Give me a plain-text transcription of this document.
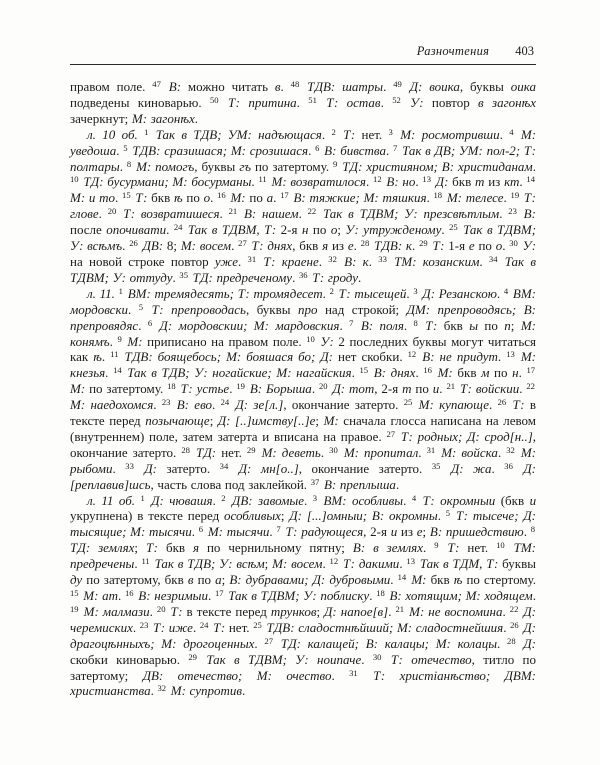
Разночтения 403

правом поле. $^{47}$ В: можно читать в. $^{48}$ ТДВ: шатры. $^{49}$ Д: воика, буквы оика подведены киноварью. $^{50}$ Т: притина. $^{51}$ Т: остав. $^{52}$ У: повтор в загонѣх зачеркнут; М: загонѣх.

л. 10 об. $^1$ Так в ТДВ; УМ: надъющася. $^2$ Т: нет. $^3$ М: росмотривши. $^4$ М: уведоша. $^5$ ТДВ: сразишася; М: срозишася. $^6$ В: бивства. $^7$ Так в ДВ; УМ: пол-2; Т: полтары. $^8$ М: помогъ, буквы гъ по затертому. $^9$ ТД: християном; В: христиданам. $^{10}$ ТД: бусурмани; М: босурманы. $^{11}$ М: возвратилося. $^{12}$ В: но. $^{13}$ Д: бкв т из кт. $^{14}$ М: и то. $^{15}$ Т: бкв ѣ по о. $^{16}$ М: по а. $^{17}$ В: тяжкие; М: тяшкия. $^{18}$ М: телесе. $^{19}$ Т: глове. $^{20}$ Т: возвратишеся. $^{21}$ В: нашем. $^{22}$ Так в ТДВМ; У: презсвѣтлым. $^{23}$ В: после опочивати. $^{24}$ Так в ТДВМ, Т: 2-я н по о; У: утружденому. $^{25}$ Так в ТДВМ; У: всѣмъ. $^{26}$ ДВ: 8; М: восем. $^{27}$ Т: днях, бкв я из е. $^{28}$ ТДВ: к. $^{29}$ Т: 1-я е по о. $^{30}$ У: на новой строке повтор уже. $^{31}$ Т: краене. $^{32}$ В: к. $^{33}$ ТМ: козанским. $^{34}$ Так в ТДВМ; У: оттуду. $^{35}$ ТД: предреченому. $^{36}$ Т: гроду.

л. 11. $^1$ ВМ: тремядесять; Т: тромядесет. $^2$ Т: тысещей. $^3$ Д: Резанскою. $^4$ ВМ: мордовски. $^5$ Т: препроводась, буквы про над строкой; ДМ: препроводясь; В: препровядяс. $^6$ Д: мордовскии; М: мардовския. $^7$ В: поля. $^8$ Т: бкв ы по п; М: конямъ. $^9$ М: приписано на правом поле. $^{10}$ У: 2 последних буквы могут читаться как ѣ. $^{11}$ ТДВ: боящебось; М: бояшася бо; Д: нет скобки. $^{12}$ В: не придут. $^{13}$ М: кнезья. $^{14}$ Так в ТДВ; У: ногайские; М: нагайския. $^{15}$ В: днях. $^{16}$ М: бкв м по н. $^{17}$ М: по затертому. $^{18}$ Т: устье. $^{19}$ В: Борыша. $^{20}$ Д: тот, 2-я т по и. $^{21}$ Т: войскии. $^{22}$ М: наедохомся. $^{23}$ В: ево. $^{24}$ Д: зе[л.], окончание затерто. $^{25}$ М: купающе. $^{26}$ Т: в тексте перед позычающе; Д: [..]имству[..]е; М: сначала глосса написана на левом (внутреннем) поле, затем затерта и вписана на правое. $^{27}$ Т: родных; Д: срод[н..], окончание затерто. $^{28}$ ТД: нет. $^{29}$ М: деветь. $^{30}$ М: пропитал. $^{31}$ М: войска. $^{32}$ М: рыбоми. $^{33}$ Д: затерто. $^{34}$ Д: мн[о..], окончание затерто. $^{35}$ Д: жа. $^{36}$ Д: [реплавив]шсь, часть слова под заклейкой. $^{37}$ В: преплыша.

л. 11 об. $^1$ Д: чювашя. $^2$ ДВ: завомые. $^3$ ВМ: особливы. $^4$ Т: окромныи (бкв и укрупнена) в тексте перед особливых; Д: [...]омныи; В: окромны. $^5$ Т: тысече; Д: тысящие; М: тысячи. $^6$ М: тысячи. $^7$ Т: радующеся, 2-я и из е; В: пришедствию. $^8$ ТД: землях; Т: бкв я по чернильному пятну; В: в землях. $^9$ Т: нет. $^{10}$ ТМ: предречены. $^{11}$ Так в ТДВ; У: всѣм; М: восем. $^{12}$ Т: дакими. $^{13}$ Так в ТДМ, Т: буквы ду по затертому, бкв в по а; В: дубравами; Д: дубровыми. $^{14}$ М: бкв ѣ по стертому. $^{15}$ М: ат. $^{16}$ В: незримыи. $^{17}$ Так в ТДВМ; У: поблиску. $^{18}$ В: хотящим; М: ходящем. $^{19}$ М: малмази. $^{20}$ Т: в тексте перед трунков; Д: напое[в]. $^{21}$ М: не воспомина. $^{22}$ Д: черемиских. $^{23}$ Т: иже. $^{24}$ Т: нет. $^{25}$ ТДВ: сладостнѣйший; М: сладостнейшия. $^{26}$ Д: драгоцѣнныхъ; М: дрогоценных. $^{27}$ ТД: калащей; В: калацы; М: колацы. $^{28}$ Д: скобки киноварью. $^{29}$ Так в ТДВМ; У: ноипаче. $^{30}$ Т: отечество, титло по затертому; ДВ: отечество; М: очество. $^{31}$ Т: христіанѣство; ДВМ: христианства. $^{32}$ М: супротив.
